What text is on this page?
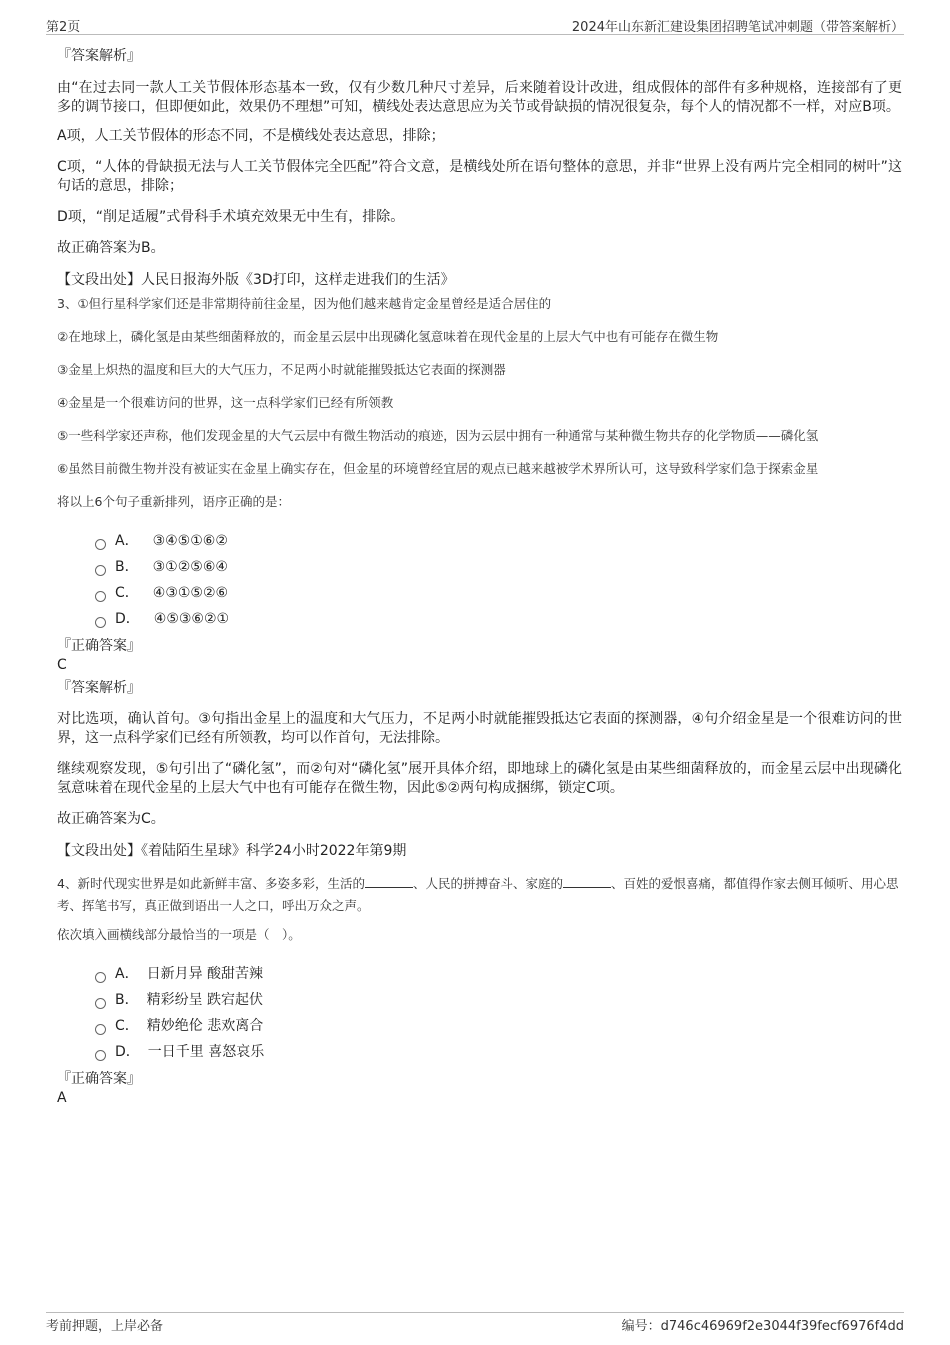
第2页	2024年山东新汇建设集团招聘笔试冲刺题（带答案解析）

『答案解析』

由“在过去同一款人工关节假体形态基本一致，仅有少数几种尺寸差异，后来随着设计改进，组成假体的部件有多种规格，连接部有了更多的调节接口，但即便如此，效果仍不理想”可知，横线处表达意思应为关节或骨缺损的情况很复杂，每个人的情况都不一样，对应B项。

A项，人工关节假体的形态不同，不是横线处表达意思，排除；

C项，“人体的骨缺损无法与人工关节假体完全匹配”符合文意，是横线处所在语句整体的意思，并非“世界上没有两片完全相同的树叶”这句话的意思，排除；

D项，“削足适履”式骨科手术填充效果无中生有，排除。

故正确答案为B。

【文段出处】人民日报海外版《3D打印，这样走进我们的生活》

3、①但行星科学家们还是非常期待前往金星，因为他们越来越肯定金星曾经是适合居住的

②在地球上，磷化氢是由某些细菌释放的，而金星云层中出现磷化氢意味着在现代金星的上层大气中也有可能存在微生物

③金星上炽热的温度和巨大的大气压力，不足两小时就能摧毁抵达它表面的探测器

④金星是一个很难访问的世界，这一点科学家们已经有所领教

⑤一些科学家还声称，他们发现金星的大气云层中有微生物活动的痕迹，因为云层中拥有一种通常与某种微生物共存的化学物质——磷化氢

⑥虽然目前微生物并没有被证实在金星上确实存在，但金星的环境曾经宜居的观点已越来越被学术界所认可，这导致科学家们急于探索金星

将以上6个句子重新排列，语序正确的是：

A． ③④⑤①⑥②
B． ③①②⑤⑥④
C． ④③①⑤②⑥
D． ④⑤③⑥②①

『正确答案』

C

『答案解析』

对比选项，确认首句。③句指出金星上的温度和大气压力，不足两小时就能摧毁抵达它表面的探测器，④句介绍金星是一个很难访问的世界，这一点科学家们已经有所领教，均可以作首句，无法排除。

继续观察发现，⑤句引出了“磷化氢”，而②句对“磷化氢”展开具体介绍，即地球上的磷化氢是由某些细菌释放的，而金星云层中出现磷化氢意味着在现代金星的上层大气中也有可能存在微生物，因此⑤②两句构成捆绑，锁定C项。

故正确答案为C。

【文段出处】《着陆陌生星球》科学24小时2022年第9期

4、新时代现实世界是如此新鲜丰富、多姿多彩，生活的	、人民的拼搏奋斗、家庭的	、百姓的爱恨喜痛，都值得作家去侧耳倾听、用心思考、挥笔书写，真正做到语出一人之口，呼出万众之声。

依次填入画横线部分最恰当的一项是（　）。

A． 日新月异 酸甜苦辣
B． 精彩纷呈 跌宕起伏
C． 精妙绝伦 悲欢离合
D． 一日千里 喜怒哀乐

『正确答案』

A

考前押题，上岸必备	编号：d746c46969f2e3044f39fecf6976f4dd
